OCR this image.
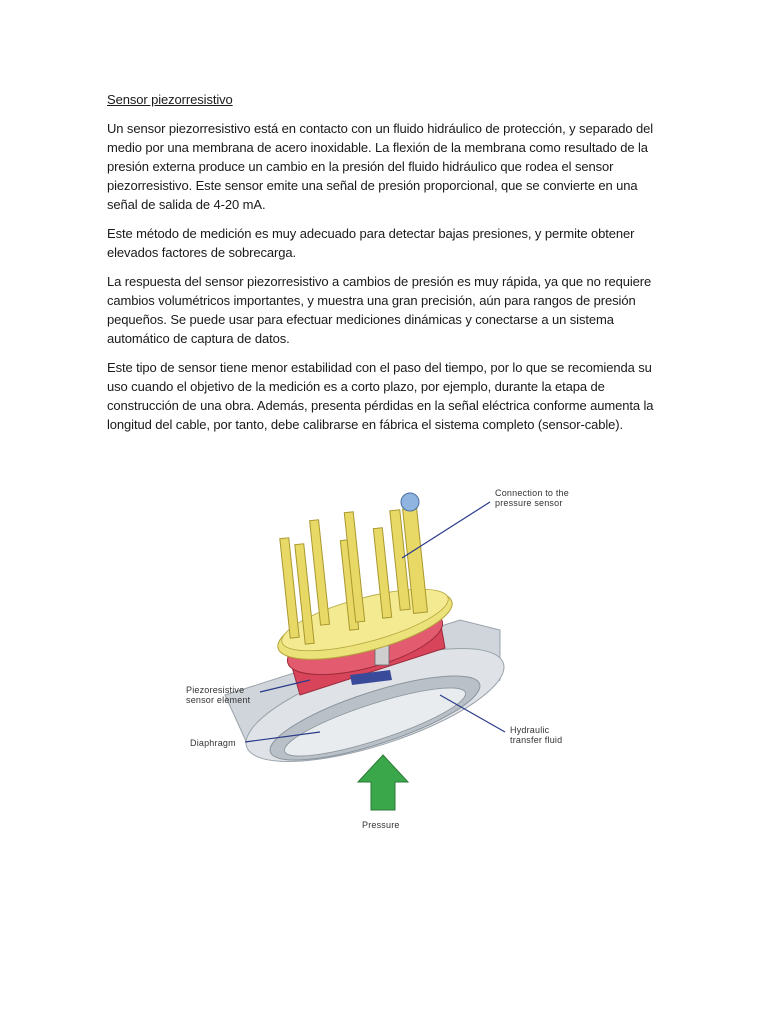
Sensor piezorresistivo

Un sensor piezorresistivo está en contacto con un fluido hidráulico de protección, y separado del medio por una membrana de acero inoxidable. La flexión de la membrana como resultado de la presión externa produce un cambio en la presión del fluido hidráulico que rodea el sensor piezorresistivo. Este sensor emite una señal de presión proporcional, que se convierte en una señal de salida de 4-20 mA.

Este método de medición es muy adecuado para detectar bajas presiones, y permite obtener elevados factores de sobrecarga.

La respuesta del sensor piezorresistivo a cambios de presión es muy rápida, ya que no requiere cambios volumétricos importantes, y muestra una gran precisión, aún para rangos de presión pequeños. Se puede usar para efectuar mediciones dinámicas y conectarse a un sistema automático de captura de datos.

Este tipo de sensor tiene menor estabilidad con el paso del tiempo, por lo que se recomienda su uso cuando el objetivo de la medición es a corto plazo, por ejemplo, durante la etapa de construcción de una obra. Además, presenta pérdidas en la señal eléctrica conforme aumenta la longitud del cable, por tanto, debe calibrarse en fábrica el sistema completo (sensor-cable).

Connection to the pressure sensor
Piezoresistive sensor element
Diaphragm
Hydraulic transfer fluid
Pressure
